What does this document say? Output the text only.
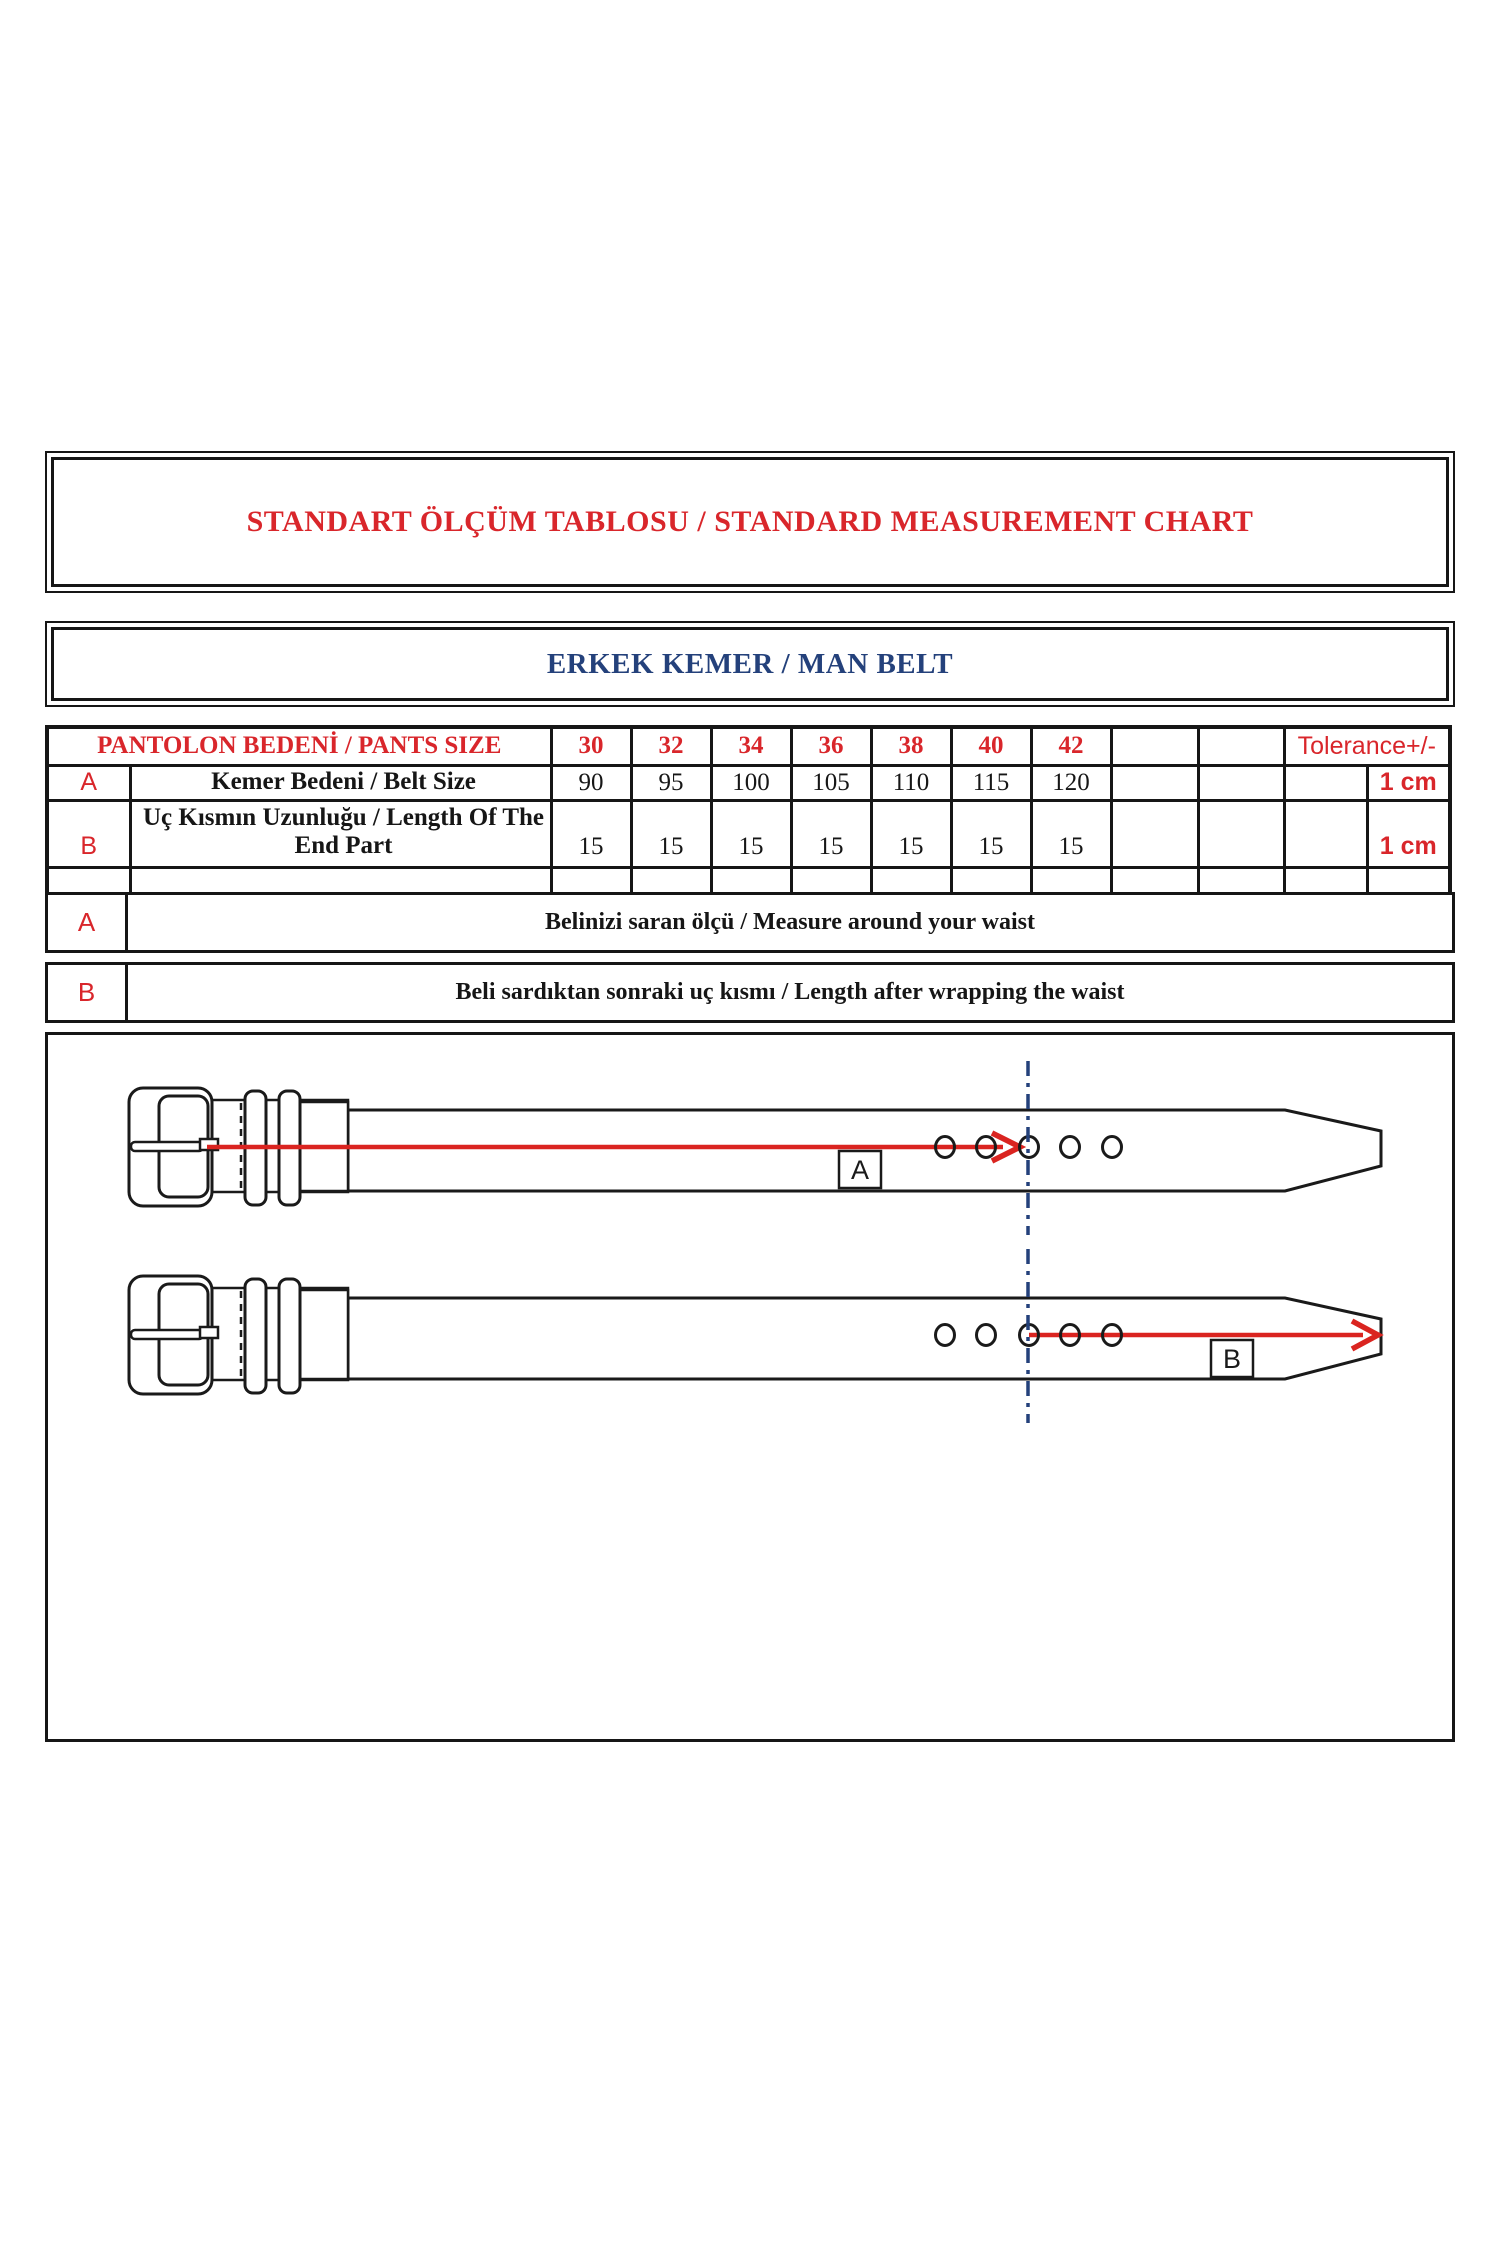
STANDART ÖLÇÜM TABLOSU / STANDARD MEASUREMENT CHART
ERKEK KEMER / MAN BELT
PANTOLON BEDENİ / PANTS SIZE		30	32	34	36	38	40	42			Tolerance+/-	
A	Kemer Bedeni / Belt Size	90	95	100	105	110	115	120				1 cm
B	Uç Kısmın Uzunluğu / Length Of The End Part	15	15	15	15	15	15	15				1 cm

A	Belinizi saran ölçü / Measure around your waist
B	Beli sardıktan sonraki uç kısmı / Length after wrapping the waist
A
B
